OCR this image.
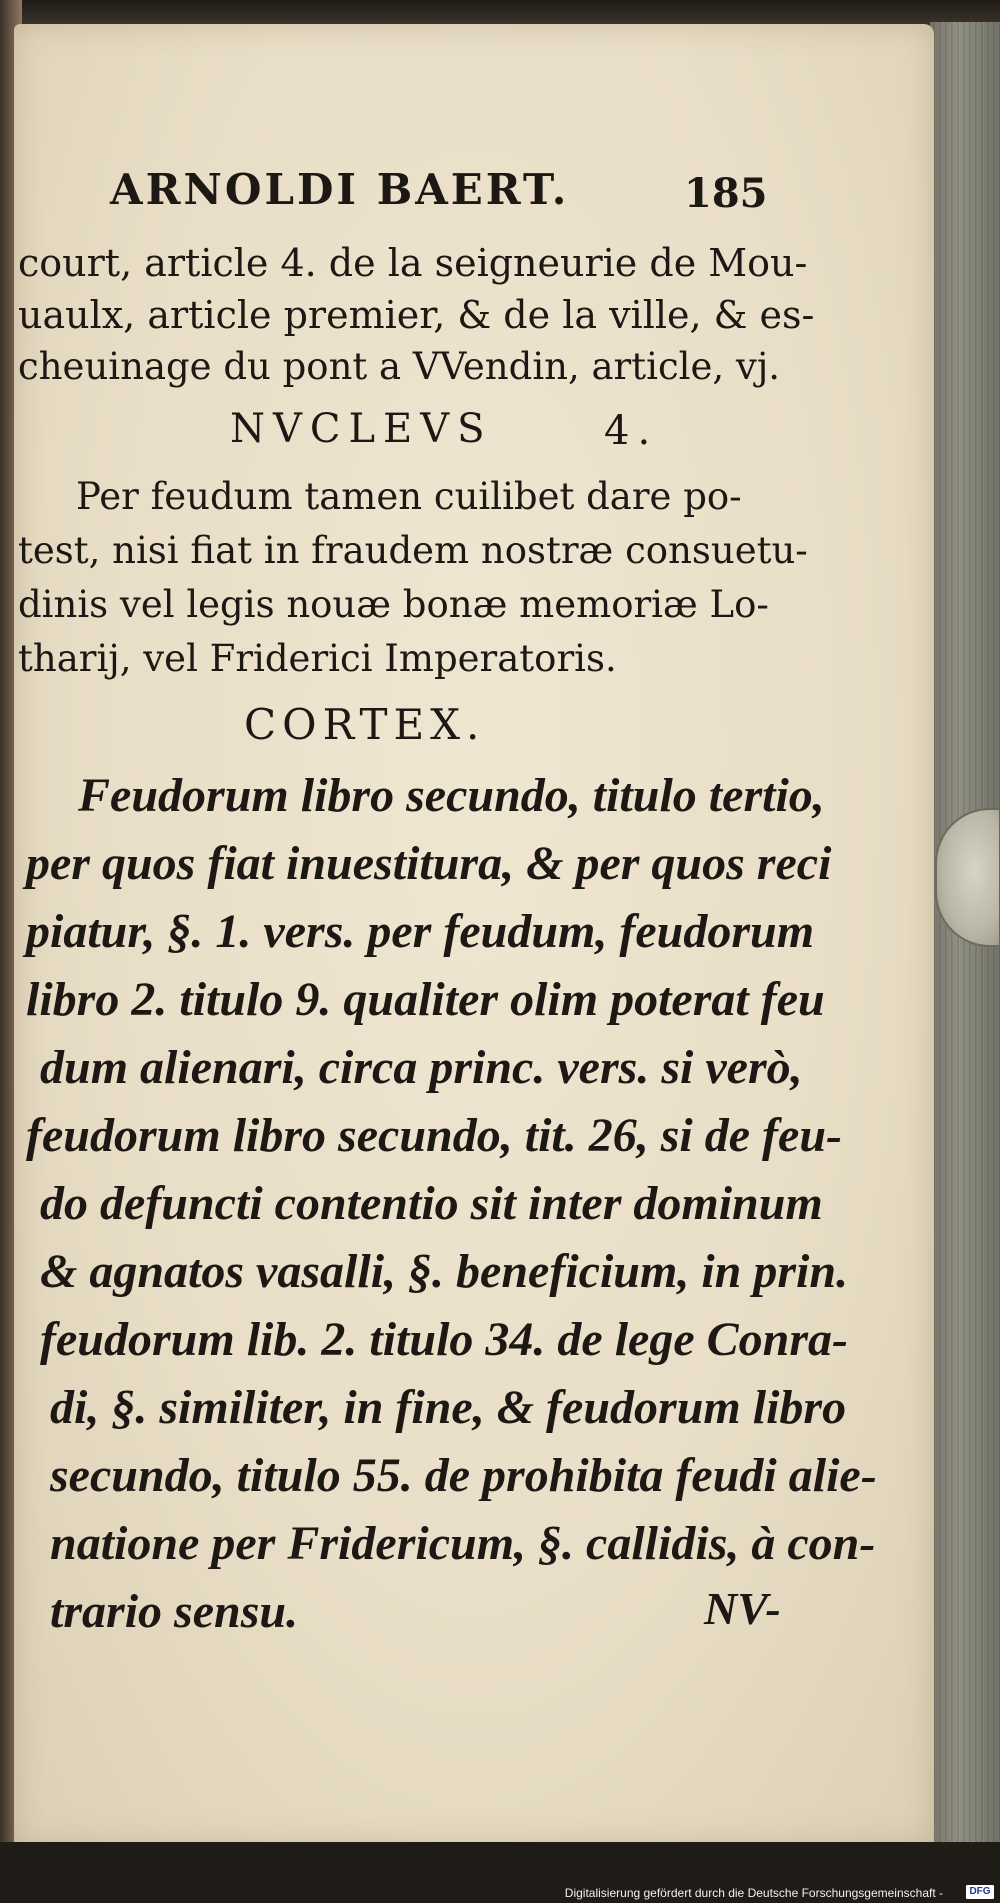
ARNOLDI BAERT.	185
court, article 4. de la seigneurie de Mou-
uaulx, article premier, & de la ville, & es-
cheuinage du pont a VVendin, article, vj.
NVCLEVS	4.
Per feudum tamen cuilibet dare po-
test, nisi fiat in fraudem nostræ consuetu-
dinis vel legis nouæ bonæ memoriæ Lo-
tharij, vel Friderici Imperatoris.
CORTEX.
Feudorum libro secundo, titulo tertio,
per quos fiat inuestitura, & per quos reci
piatur, §. 1. vers. per feudum, feudorum
libro 2. titulo 9. qualiter olim poterat feu
dum alienari, circa princ. vers. si verò,
feudorum libro secundo, tit. 26, si de feu-
do defuncti contentio sit inter dominum
& agnatos vasalli, §. beneficium, in prin.
feudorum lib. 2. titulo 34. de lege Conra-
di, §. similiter, in fine, & feudorum libro
secundo, titulo 55. de prohibita feudi alie-
natione per Fridericum, §. callidis, à con-
trario sensu.	NV-
Digitalisierung gefördert durch die Deutsche Forschungsgemeinschaft -	DFG
